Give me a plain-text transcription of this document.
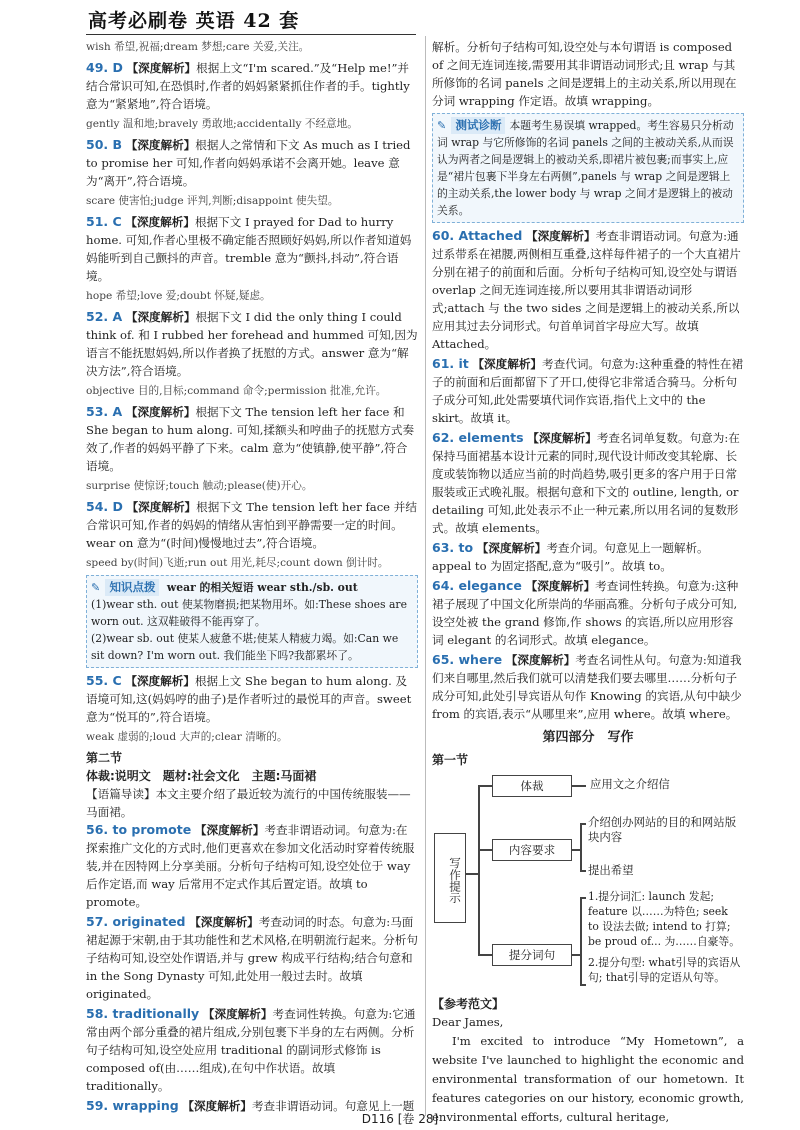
高考必刷卷 英语 42 套

wish 希望,祝福;dream 梦想;care 关爱,关注。

49. D 【深度解析】根据上文“I'm scared.”及“Help me!”并结合常识可知,在恐惧时,作者的妈妈紧紧抓住作者的手。tightly 意为“紧紧地”,符合语境。

gently 温和地;bravely 勇敢地;accidentally 不经意地。

50. B 【深度解析】根据人之常情和下文 As much as I tried to promise her 可知,作者向妈妈承诺不会离开她。leave 意为“离开”,符合语境。

scare 使害怕;judge 评判,判断;disappoint 使失望。

51. C 【深度解析】根据下文 I prayed for Dad to hurry home. 可知,作者心里极不确定能否照顾好妈妈,所以作者知道妈妈能听到自己颤抖的声音。tremble 意为“颤抖,抖动”,符合语境。

hope 希望;love 爱;doubt 怀疑,疑虑。

52. A 【深度解析】根据下文 I did the only thing I could think of. 和 I rubbed her forehead and hummed 可知,因为语言不能抚慰妈妈,所以作者换了抚慰的方式。answer 意为“解决方法”,符合语境。

objective 目的,目标;command 命令;permission 批准,允许。

53. A 【深度解析】根据下文 The tension left her face 和 She began to hum along. 可知,揉额头和哼曲子的抚慰方式奏效了,作者的妈妈平静了下来。calm 意为“使镇静,使平静”,符合语境。

surprise 使惊讶;touch 触动;please(使)开心。

54. D 【深度解析】根据下文 The tension left her face 并结合常识可知,作者的妈妈的情绪从害怕到平静需要一定的时间。wear on 意为“(时间)慢慢地过去”,符合语境。

speed by(时间)飞逝;run out 用光,耗尽;count down 倒计时。

✎ 知识点拨 wear 的相关短语 wear sth./sb. out

(1)wear sth. out 使某物磨损;把某物用坏。如:These shoes are worn out. 这双鞋破得不能再穿了。

(2)wear sb. out 使某人疲惫不堪;使某人精疲力竭。如:Can we sit down? I'm worn out. 我们能坐下吗?我都累坏了。

55. C 【深度解析】根据上文 She began to hum along. 及语境可知,这(妈妈哼的曲子)是作者听过的最悦耳的声音。sweet 意为“悦耳的”,符合语境。

weak 虚弱的;loud 大声的;clear 清晰的。

第二节

体裁:说明文　题材:社会文化　主题:马面裙

【语篇导读】本文主要介绍了最近较为流行的中国传统服装——马面裙。

56. to promote 【深度解析】考查非谓语动词。句意为:在探索推广文化的方式时,他们更喜欢在参加文化活动时穿着传统服装,并在因特网上分享美丽。分析句子结构可知,设空处位于 way 后作定语,而 way 后常用不定式作其后置定语。故填 to promote。
57. originated 【深度解析】考查动词的时态。句意为:马面裙起源于宋朝,由于其功能性和艺术风格,在明朝流行起来。分析句子结构可知,设空处作谓语,并与 grew 构成平行结构;结合句意和 in the Song Dynasty 可知,此处用一般过去时。故填 originated。
58. traditionally 【深度解析】考查词性转换。句意为:它通常由两个部分重叠的裙片组成,分别包裹下半身的左右两侧。分析句子结构可知,设空处应用 traditional 的副词形式修饰 is composed of(由……组成),在句中作状语。故填 traditionally。
59. wrapping 【深度解析】考查非谓语动词。句意见上一题

解析。分析句子结构可知,设空处与本句谓语 is composed of 之间无连词连接,需要用其非谓语动词形式;且 wrap 与其所修饰的名词 panels 之间是逻辑上的主动关系,所以用现在分词 wrapping 作定语。故填 wrapping。

✎ 测试诊断 本题考生易误填 wrapped。考生容易只分析动词 wrap 与它所修饰的名词 panels 之间的主被动关系,从而误认为两者之间是逻辑上的被动关系,即裙片被包裹;而事实上,应是“裙片包裹下半身左右两侧”,panels 与 wrap 之间是逻辑上的主动关系,the lower body 与 wrap 之间才是逻辑上的被动关系。
60. Attached 【深度解析】考查非谓语动词。句意为:通过系带系在裙腰,两侧相互重叠,这样每件裙子的一个大直裙片分别在裙子的前面和后面。分析句子结构可知,设空处与谓语 overlap 之间无连词连接,所以要用其非谓语动词形式;attach 与 the two sides 之间是逻辑上的被动关系,所以应用其过去分词形式。句首单词首字母应大写。故填 Attached。
61. it 【深度解析】考查代词。句意为:这种重叠的特性在裙子的前面和后面都留下了开口,使得它非常适合骑马。分析句子成分可知,此处需要填代词作宾语,指代上文中的 the skirt。故填 it。
62. elements 【深度解析】考查名词单复数。句意为:在保持马面裙基本设计元素的同时,现代设计师改变其轮廓、长度或装饰物以适应当前的时尚趋势,吸引更多的客户用于日常服装或正式晚礼服。根据句意和下文的 outline, length, or detailing 可知,此处表示不止一种元素,所以用名词的复数形式。故填 elements。
63. to 【深度解析】考查介词。句意见上一题解析。appeal to 为固定搭配,意为“吸引”。故填 to。
64. elegance 【深度解析】考查词性转换。句意为:这种裙子展现了中国文化所崇尚的华丽高雅。分析句子成分可知,设空处被 the grand 修饰,作 shows 的宾语,所以应用形容词 elegant 的名词形式。故填 elegance。
65. where 【深度解析】考查名词性从句。句意为:知道我们来自哪里,然后我们就可以清楚我们要去哪里……分析句子成分可知,此处引导宾语从句作 Knowing 的宾语,从句中缺少 from 的宾语,表示“从哪里来”,应用 where。故填 where。

第四部分　写作

第一节

写作提示
体裁	应用文之介绍信
内容要求
介绍创办网站的目的和网站版块内容
提出希望
提分词句
1.提分词汇: launch 发起; feature 以……为特色; seek to 设法去做; intend to 打算; be proud of... 为……自豪等。
2.提分句型: what引导的宾语从句; that引导的定语从句等。

【参考范文】

Dear James,

I'm excited to introduce “My Hometown”, a website I've launched to highlight the economic and environmental transformation of our hometown. It features categories on our history, economic growth, environmental efforts, cultural heritage,

D116 [卷 28]
